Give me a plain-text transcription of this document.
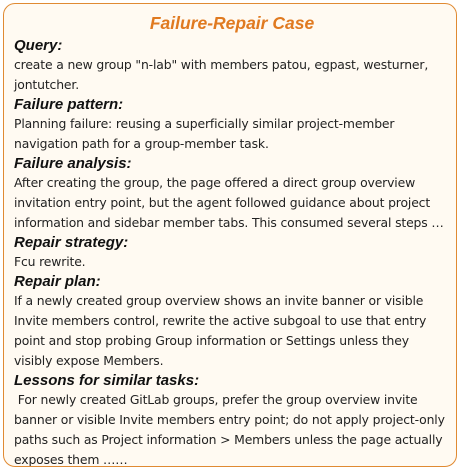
Failure-Repair Case
Query:
create a new group "n-lab" with members patou, egpast, westurner, jontutcher.
Failure pattern:
Planning failure: reusing a superficially similar project-member navigation path for a group-member task.
Failure analysis:
After creating the group, the page offered a direct group overview invitation entry point, but the agent followed guidance about project information and sidebar member tabs. This consumed several steps …
Repair strategy:
Fcu rewrite.
Repair plan:
If a newly created group overview shows an invite banner or visible Invite members control, rewrite the active subgoal to use that entry point and stop probing Group information or Settings unless they visibly expose Members.
Lessons for similar tasks:
For newly created GitLab groups, prefer the group overview invite banner or visible Invite members entry point; do not apply project-only paths such as Project information > Members unless the page actually exposes them ……
